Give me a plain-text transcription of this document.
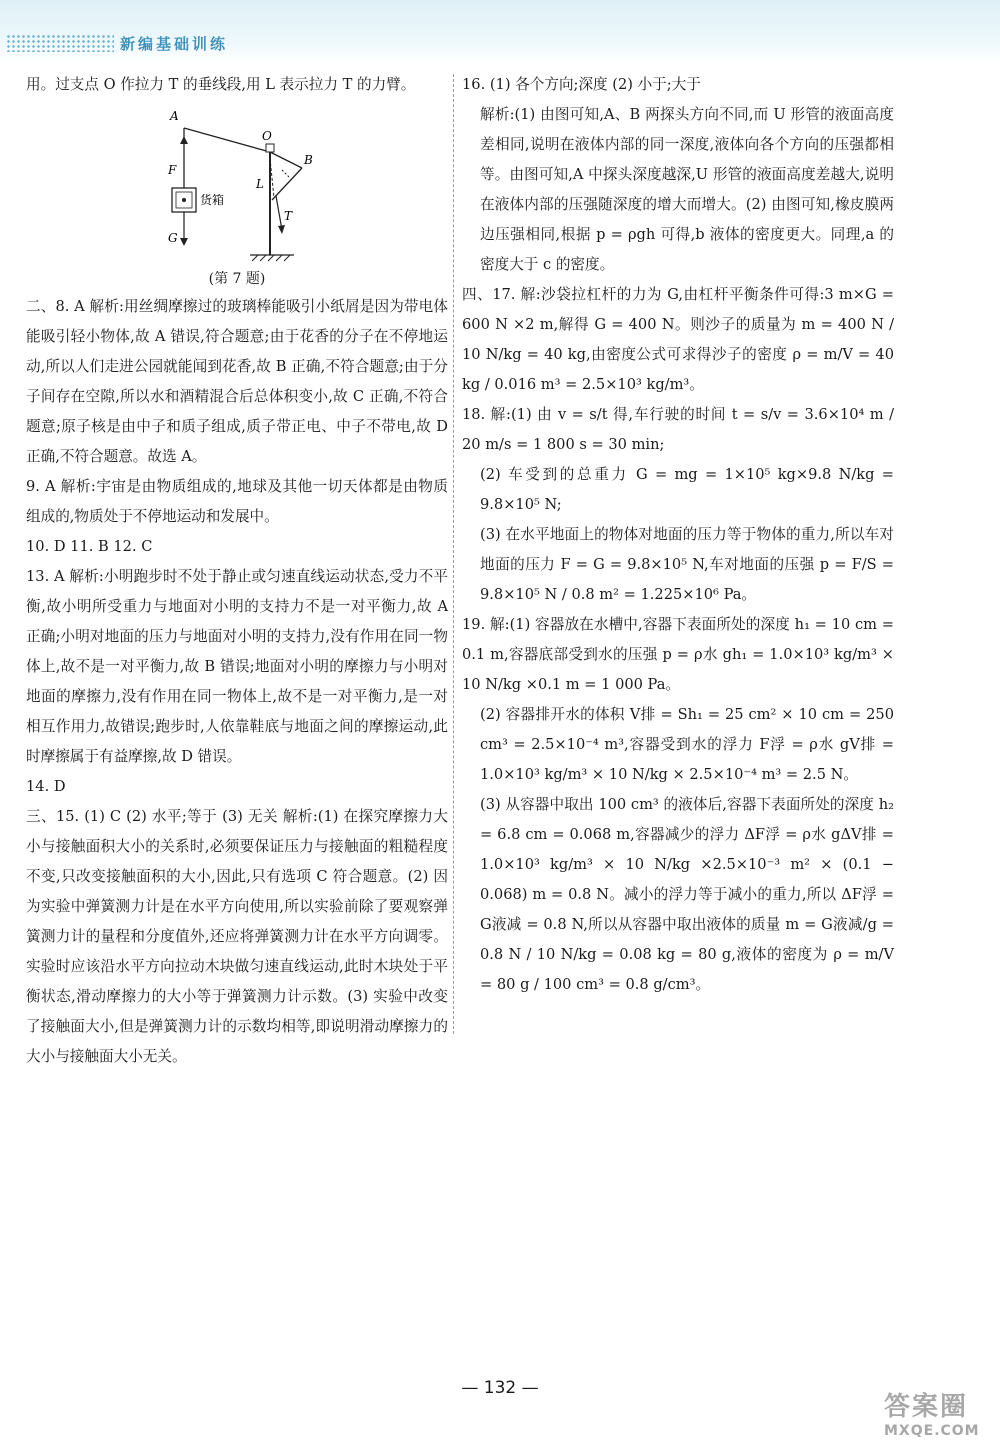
新编基础训练

用。过支点 O 作拉力 T 的垂线段,用 L 表示拉力 T 的力臂。

A
F
货箱
G
O
B
L
T
(第 7 题)

二、8. A 解析:用丝绸摩擦过的玻璃棒能吸引小纸屑是因为带电体能吸引轻小物体,故 A 错误,符合题意;由于花香的分子在不停地运动,所以人们走进公园就能闻到花香,故 B 正确,不符合题意;由于分子间存在空隙,所以水和酒精混合后总体积变小,故 C 正确,不符合题意;原子核是由中子和质子组成,质子带正电、中子不带电,故 D 正确,不符合题意。故选 A。

9. A 解析:宇宙是由物质组成的,地球及其他一切天体都是由物质组成的,物质处于不停地运动和发展中。

10. D 11. B 12. C

13. A 解析:小明跑步时不处于静止或匀速直线运动状态,受力不平衡,故小明所受重力与地面对小明的支持力不是一对平衡力,故 A 正确;小明对地面的压力与地面对小明的支持力,没有作用在同一物体上,故不是一对平衡力,故 B 错误;地面对小明的摩擦力与小明对地面的摩擦力,没有作用在同一物体上,故不是一对平衡力,是一对相互作用力,故错误;跑步时,人依靠鞋底与地面之间的摩擦运动,此时摩擦属于有益摩擦,故 D 错误。

14. D

三、15. (1) C (2) 水平;等于 (3) 无关 解析:(1) 在探究摩擦力大小与接触面积大小的关系时,必须要保证压力与接触面的粗糙程度不变,只改变接触面积的大小,因此,只有选项 C 符合题意。(2) 因为实验中弹簧测力计是在水平方向使用,所以实验前除了要观察弹簧测力计的量程和分度值外,还应将弹簧测力计在水平方向调零。实验时应该沿水平方向拉动木块做匀速直线运动,此时木块处于平衡状态,滑动摩擦力的大小等于弹簧测力计示数。(3) 实验中改变了接触面大小,但是弹簧测力计的示数均相等,即说明滑动摩擦力的大小与接触面大小无关。

16. (1) 各个方向;深度 (2) 小于;大于

解析:(1) 由图可知,A、B 两探头方向不同,而 U 形管的液面高度差相同,说明在液体内部的同一深度,液体向各个方向的压强都相等。由图可知,A 中探头深度越深,U 形管的液面高度差越大,说明在液体内部的压强随深度的增大而增大。(2) 由图可知,橡皮膜两边压强相同,根据 p = ρgh 可得,b 液体的密度更大。同理,a 的密度大于 c 的密度。

四、17. 解:沙袋拉杠杆的力为 G,由杠杆平衡条件可得:3 m×G = 600 N ×2 m,解得 G = 400 N。则沙子的质量为 m = 400 N / 10 N/kg = 40 kg,由密度公式可求得沙子的密度 ρ = m/V = 40 kg / 0.016 m³ = 2.5×10³ kg/m³。

18. 解:(1) 由 v = s/t 得,车行驶的时间 t = s/v = 3.6×10⁴ m / 20 m/s = 1 800 s = 30 min;

(2) 车受到的总重力 G = mg = 1×10⁵ kg×9.8 N/kg = 9.8×10⁵ N;

(3) 在水平地面上的物体对地面的压力等于物体的重力,所以车对地面的压力 F = G = 9.8×10⁵ N,车对地面的压强 p = F/S = 9.8×10⁵ N / 0.8 m² = 1.225×10⁶ Pa。

19. 解:(1) 容器放在水槽中,容器下表面所处的深度 h₁ = 10 cm = 0.1 m,容器底部受到水的压强 p = ρ水 gh₁ = 1.0×10³ kg/m³ × 10 N/kg ×0.1 m = 1 000 Pa。

(2) 容器排开水的体积 V排 = Sh₁ = 25 cm² × 10 cm = 250 cm³ = 2.5×10⁻⁴ m³,容器受到水的浮力 F浮 = ρ水 gV排 = 1.0×10³ kg/m³ × 10 N/kg × 2.5×10⁻⁴ m³ = 2.5 N。

(3) 从容器中取出 100 cm³ 的液体后,容器下表面所处的深度 h₂ = 6.8 cm = 0.068 m,容器减少的浮力 ΔF浮 = ρ水 gΔV排 = 1.0×10³ kg/m³ × 10 N/kg ×2.5×10⁻³ m² × (0.1 − 0.068) m = 0.8 N。减小的浮力等于减小的重力,所以 ΔF浮 = G液减 = 0.8 N,所以从容器中取出液体的质量 m = G液减/g = 0.8 N / 10 N/kg = 0.08 kg = 80 g,液体的密度为 ρ = m/V = 80 g / 100 cm³ = 0.8 g/cm³。

— 132 —
答案圈
MXQE.COM
